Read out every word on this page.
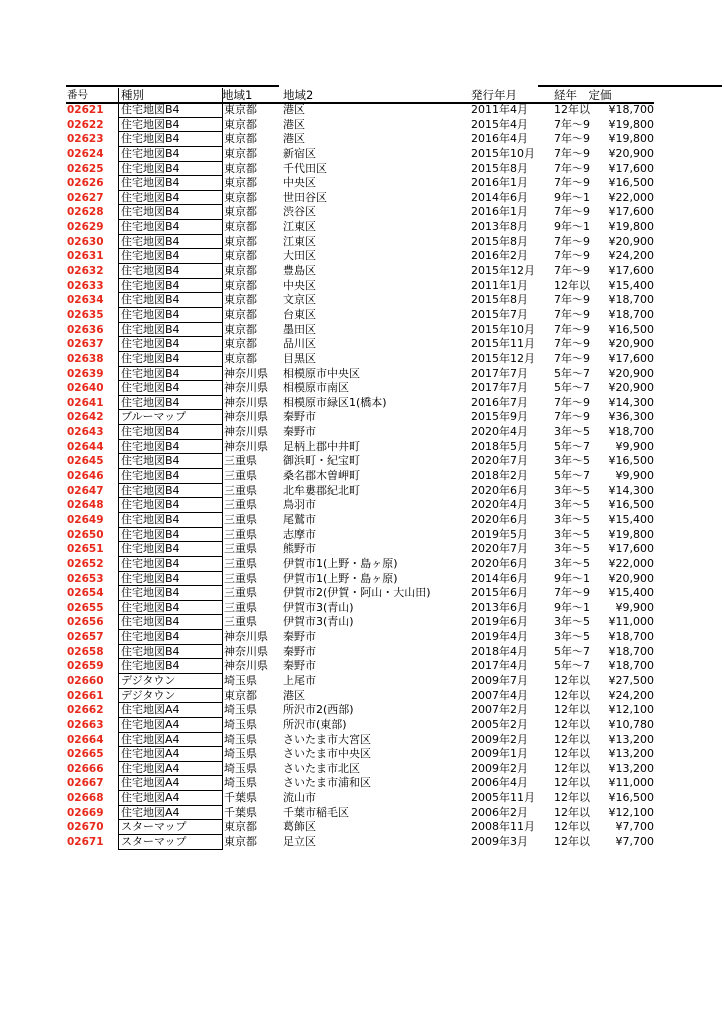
番号	種別	地域1	地域2	発行年月	経年　定価
02621	住宅地図B4	東京都	港区	2011年4月	12年以	¥18,700
02622	住宅地図B4	東京都	港区	2015年4月	7年～9	¥19,800
02623	住宅地図B4	東京都	港区	2016年4月	7年～9	¥19,800
02624	住宅地図B4	東京都	新宿区	2015年10月	7年～9	¥20,900
02625	住宅地図B4	東京都	千代田区	2015年8月	7年～9	¥17,600
02626	住宅地図B4	東京都	中央区	2016年1月	7年～9	¥16,500
02627	住宅地図B4	東京都	世田谷区	2014年6月	9年～1	¥22,000
02628	住宅地図B4	東京都	渋谷区	2016年1月	7年～9	¥17,600
02629	住宅地図B4	東京都	江東区	2013年8月	9年～1	¥19,800
02630	住宅地図B4	東京都	江東区	2015年8月	7年～9	¥20,900
02631	住宅地図B4	東京都	大田区	2016年2月	7年～9	¥24,200
02632	住宅地図B4	東京都	豊島区	2015年12月	7年～9	¥17,600
02633	住宅地図B4	東京都	中央区	2011年1月	12年以	¥15,400
02634	住宅地図B4	東京都	文京区	2015年8月	7年～9	¥18,700
02635	住宅地図B4	東京都	台東区	2015年7月	7年～9	¥18,700
02636	住宅地図B4	東京都	墨田区	2015年10月	7年～9	¥16,500
02637	住宅地図B4	東京都	品川区	2015年11月	7年～9	¥20,900
02638	住宅地図B4	東京都	目黒区	2015年12月	7年～9	¥17,600
02639	住宅地図B4	神奈川県	相模原市中央区	2017年7月	5年～7	¥20,900
02640	住宅地図B4	神奈川県	相模原市南区	2017年7月	5年～7	¥20,900
02641	住宅地図B4	神奈川県	相模原市緑区1(橋本)	2016年7月	7年～9	¥14,300
02642	ブルーマップ	神奈川県	秦野市	2015年9月	7年～9	¥36,300
02643	住宅地図B4	神奈川県	秦野市	2020年4月	3年～5	¥18,700
02644	住宅地図B4	神奈川県	足柄上郡中井町	2018年5月	5年～7	¥9,900
02645	住宅地図B4	三重県	御浜町・紀宝町	2020年7月	3年～5	¥16,500
02646	住宅地図B4	三重県	桑名郡木曽岬町	2018年2月	5年～7	¥9,900
02647	住宅地図B4	三重県	北牟婁郡紀北町	2020年6月	3年～5	¥14,300
02648	住宅地図B4	三重県	鳥羽市	2020年4月	3年～5	¥16,500
02649	住宅地図B4	三重県	尾鷲市	2020年6月	3年～5	¥15,400
02650	住宅地図B4	三重県	志摩市	2019年5月	3年～5	¥19,800
02651	住宅地図B4	三重県	熊野市	2020年7月	3年～5	¥17,600
02652	住宅地図B4	三重県	伊賀市1(上野・島ヶ原)	2020年6月	3年～5	¥22,000
02653	住宅地図B4	三重県	伊賀市1(上野・島ヶ原)	2014年6月	9年～1	¥20,900
02654	住宅地図B4	三重県	伊賀市2(伊賀・阿山・大山田)	2015年6月	7年～9	¥15,400
02655	住宅地図B4	三重県	伊賀市3(青山)	2013年6月	9年～1	¥9,900
02656	住宅地図B4	三重県	伊賀市3(青山)	2019年6月	3年～5	¥11,000
02657	住宅地図B4	神奈川県	秦野市	2019年4月	3年～5	¥18,700
02658	住宅地図B4	神奈川県	秦野市	2018年4月	5年～7	¥18,700
02659	住宅地図B4	神奈川県	秦野市	2017年4月	5年～7	¥18,700
02660	デジタウン	埼玉県	上尾市	2009年7月	12年以	¥27,500
02661	デジタウン	東京都	港区	2007年4月	12年以	¥24,200
02662	住宅地図A4	埼玉県	所沢市2(西部)	2007年2月	12年以	¥12,100
02663	住宅地図A4	埼玉県	所沢市(東部)	2005年2月	12年以	¥10,780
02664	住宅地図A4	埼玉県	さいたま市大宮区	2009年2月	12年以	¥13,200
02665	住宅地図A4	埼玉県	さいたま市中央区	2009年1月	12年以	¥13,200
02666	住宅地図A4	埼玉県	さいたま市北区	2009年2月	12年以	¥13,200
02667	住宅地図A4	埼玉県	さいたま市浦和区	2006年4月	12年以	¥11,000
02668	住宅地図A4	千葉県	流山市	2005年11月	12年以	¥16,500
02669	住宅地図A4	千葉県	千葉市稲毛区	2006年2月	12年以	¥12,100
02670	スターマップ	東京都	葛飾区	2008年11月	12年以	¥7,700
02671	スターマップ	東京都	足立区	2009年3月	12年以	¥7,700
